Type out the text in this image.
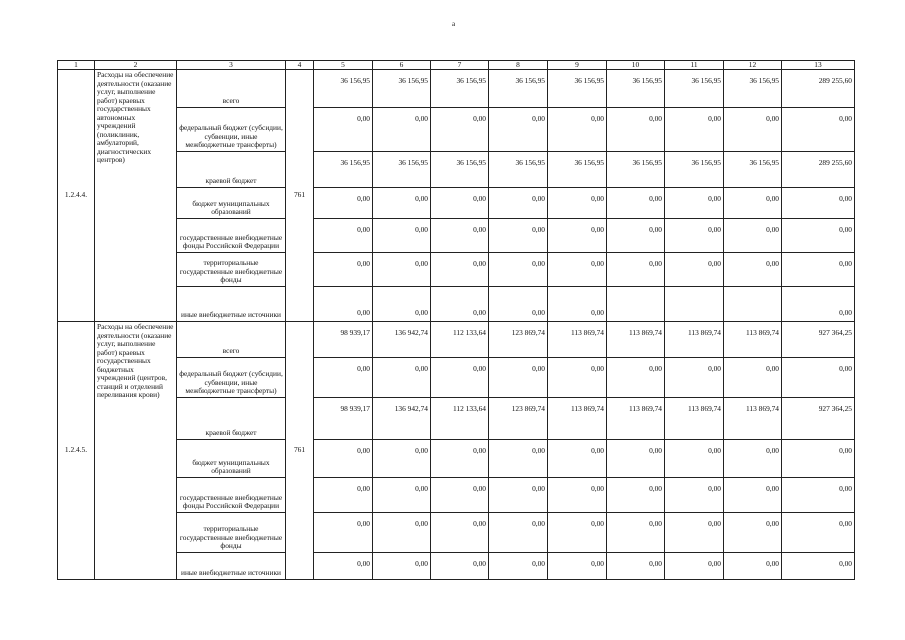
a
1	2	3	4	5	6	7	8	9	10	11	12	13
1.2.4.4.	Расходы на обеспечение деятельности (оказание услуг, выполнение работ) краевых государственных автономных учреждений (поликлиник, амбулаторий, диагностических центров)	всего	761	36 156,95	36 156,95	36 156,95	36 156,95	36 156,95	36 156,95	36 156,95	36 156,95	289 255,60
		федеральный бюджет (субсидии, субвенции, иные межбюджетные трансферты)		0,00	0,00	0,00	0,00	0,00	0,00	0,00	0,00	0,00
		краевой бюджет		36 156,95	36 156,95	36 156,95	36 156,95	36 156,95	36 156,95	36 156,95	36 156,95	289 255,60
		бюджет муниципальных образований		0,00	0,00	0,00	0,00	0,00	0,00	0,00	0,00	0,00
		государственные внебюджетные фонды Российской Федерации		0,00	0,00	0,00	0,00	0,00	0,00	0,00	0,00	0,00
		территориальные государственные внебюджетные фонды		0,00	0,00	0,00	0,00	0,00	0,00	0,00	0,00	0,00
		иные внебюджетные источники		0,00	0,00	0,00	0,00	0,00				0,00
1.2.4.5.	Расходы на обеспечение деятельности (оказание услуг, выполнение работ) краевых государственных бюджетных учреждений (центров, станций и отделений переливания крови)	всего	761	98 939,17	136 942,74	112 133,64	123 869,74	113 869,74	113 869,74	113 869,74	113 869,74	927 364,25
		федеральный бюджет (субсидии, субвенции, иные межбюджетные трансферты)		0,00	0,00	0,00	0,00	0,00	0,00	0,00	0,00	0,00
		краевой бюджет		98 939,17	136 942,74	112 133,64	123 869,74	113 869,74	113 869,74	113 869,74	113 869,74	927 364,25
		бюджет муниципальных образований		0,00	0,00	0,00	0,00	0,00	0,00	0,00	0,00	0,00
		государственные внебюджетные фонды Российской Федерации		0,00	0,00	0,00	0,00	0,00	0,00	0,00	0,00	0,00
		территориальные государственные внебюджетные фонды		0,00	0,00	0,00	0,00	0,00	0,00	0,00	0,00	0,00
		иные внебюджетные источники		0,00	0,00	0,00	0,00	0,00	0,00	0,00	0,00	0,00
